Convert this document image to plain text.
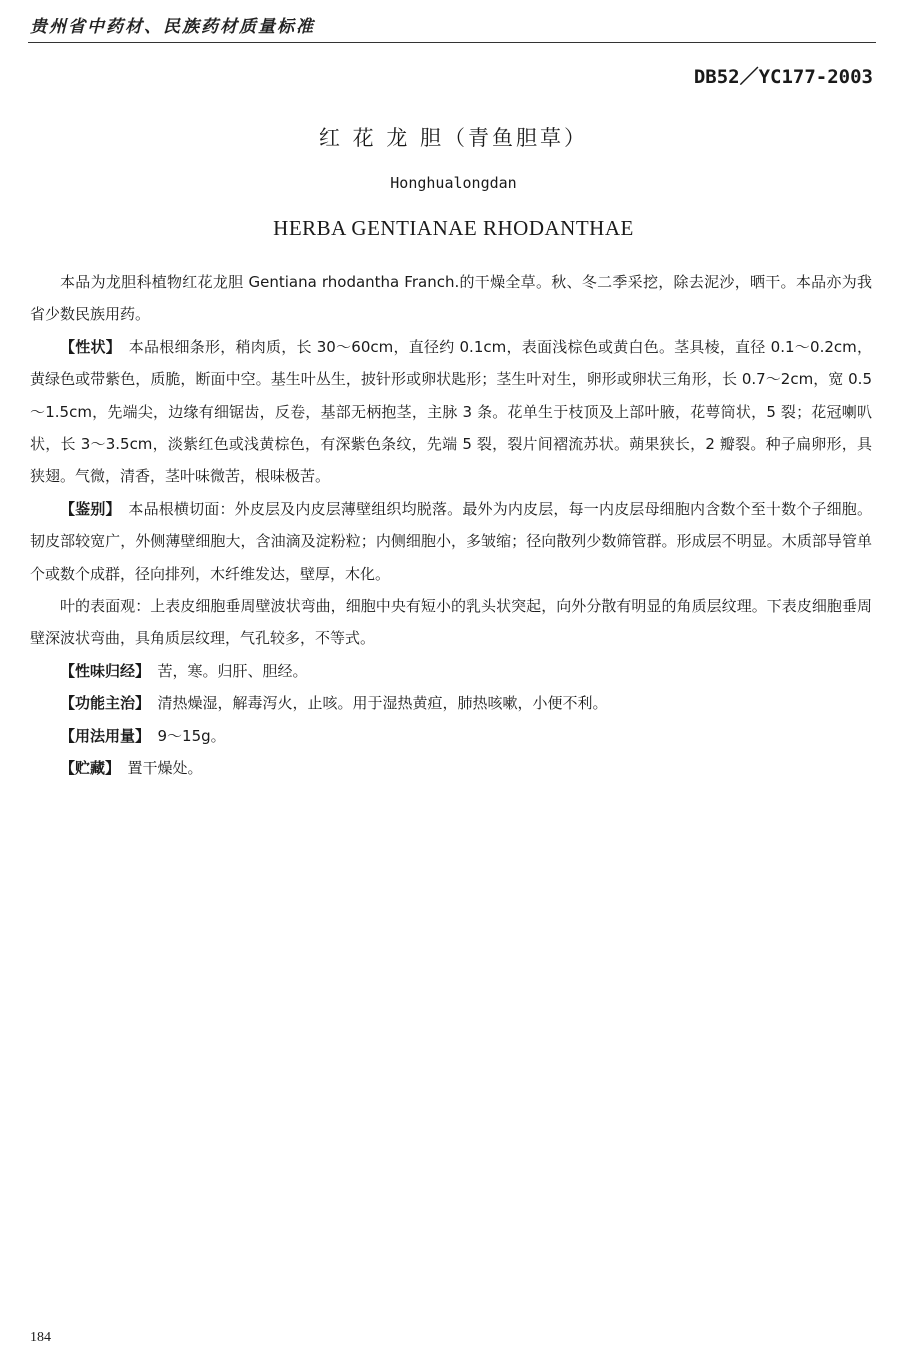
贵州省中药材、民族药材质量标准
DB52／YC177-2003
红 花 龙 胆（青鱼胆草）
Honghualongdan
HERBA GENTIANAE RHODANTHAE

本品为龙胆科植物红花龙胆 Gentiana rhodantha Franch.的干燥全草。秋、冬二季采挖，除去泥沙，晒干。本品亦为我省少数民族用药。

【性状】 本品根细条形，稍肉质，长 30～60cm，直径约 0.1cm，表面浅棕色或黄白色。茎具棱，直径 0.1～0.2cm，黄绿色或带紫色，质脆，断面中空。基生叶丛生，披针形或卵状匙形；茎生叶对生，卵形或卵状三角形，长 0.7～2cm，宽 0.5～1.5cm，先端尖，边缘有细锯齿，反卷，基部无柄抱茎，主脉 3 条。花单生于枝顶及上部叶腋，花萼筒状，5 裂；花冠喇叭状，长 3～3.5cm，淡紫红色或浅黄棕色，有深紫色条纹，先端 5 裂，裂片间褶流苏状。蒴果狭长，2 瓣裂。种子扁卵形，具狭翅。气微，清香，茎叶味微苦，根味极苦。

【鉴别】 本品根横切面：外皮层及内皮层薄壁组织均脱落。最外为内皮层，每一内皮层母细胞内含数个至十数个子细胞。韧皮部较宽广，外侧薄壁细胞大，含油滴及淀粉粒；内侧细胞小，多皱缩；径向散列少数筛管群。形成层不明显。木质部导管单个或数个成群，径向排列，木纤维发达，壁厚，木化。

叶的表面观：上表皮细胞垂周壁波状弯曲，细胞中央有短小的乳头状突起，向外分散有明显的角质层纹理。下表皮细胞垂周壁深波状弯曲，具角质层纹理，气孔较多，不等式。

【性味归经】 苦，寒。归肝、胆经。

【功能主治】 清热燥湿，解毒泻火，止咳。用于湿热黄疸，肺热咳嗽，小便不利。

【用法用量】 9～15g。

【贮藏】 置干燥处。

184
